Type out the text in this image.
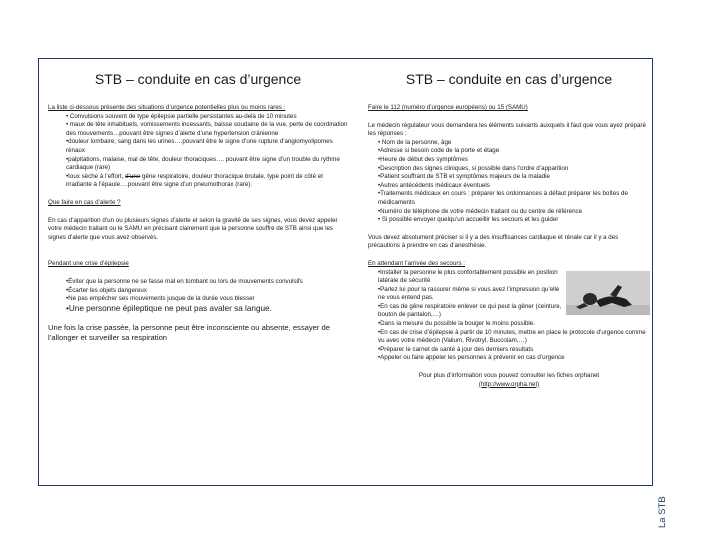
La STB
STB – conduite en cas d’urgence

La liste ci-dessous présente des situations d’urgence potentielles plus ou moins rares :

• Convulsions souvent de type épilepsie partielle persistantes au-delà de 10 minutes
• maux de tête inhabituels, vomissements incessants, baisse soudaine de la vue, perte de coordination des mouvements…pouvant être signes d’alerte d’une hypertension crânienne
•douleur lombaire, sang dans les urines….pouvant être le signe d’une rupture d’angiomyolipomes rénaux
•palpitations, malaise, mal de tête, douleur thoraciques…. pouvant être signe d’un trouble du rythme cardiaque (rare)
•toux sèche à l’effort, d’une gêne respiratoire, douleur thoracique brutale, type point de côté et irradiante à l’épaule….pouvant être signe d’un pneumothorax (rare).

Que faire en cas d’alerte ?

En cas d’apparition d’un ou plusieurs signes d’alerte et selon la gravité de ses signes, vous devez appeler votre médecin traitant ou le SAMU en précisant clairement que la personne souffre de STB ainsi que les signes d’alerte que vous avez observés.

Pendant une crise d’épilepsie

•Éviter que la personne ne se fasse mal en tombant ou lors de mouvements convulsifs
•Écarter les objets dangereux
•Ne pas empêcher ses mouvements jusque de la durée vous blesser
•Une personne épileptique ne peut pas avaler sa langue.

Une fois la crise passée, la personne peut être inconsciente ou absente, essayer de l’allonger et surveiller sa respiration

STB – conduite en cas d’urgence

Faire le 112 (numéro d’urgence européens) ou 15 (SAMU)

Le médecin régulateur vous demandera les éléments suivants auxquels il faut que vous ayez préparé les réponses :

• Nom de la personne, âge
•Adresse si besoin code de la porte et étage
•Heure de début des symptômes
•Description des signes cliniques, si possible dans l’ordre d’apparition
•Patient souffrant de STB et symptômes majeurs de la maladie
•Autres antécédents médicaux éventuels
•Traitements médicaux en cours : préparer les ordonnances à défaut préparer les boîtes de médicaments
•Numéro de téléphone de votre médecin traitant ou du centre de référence
• Si possible envoyer quelqu’un accueillir les secours et les guider

Vous devez absolument préciser si il y a des insuffisances cardiaque et rénale car il y a des précautions à prendre en cas d’anesthésie.

En attendant l’arrivée des secours :

•Installer la personne le plus confortablement possible en position latérale de sécurité
•Parlez lui pour la rassurer même si vous avez l’impression qu’elle ne vous entend pas.
•En cas de gêne respiratoire enlever ce qui peut la gêner (ceinture, bouton de pantalon,…)
•Dans la mesure du possible la bouger le moins possible.
•En cas de crise d’épilepsie à partir de 10 minutes, mettre en place le protocole d’urgence comme vu avec votre médecin (Valium, Rivotryl, Buccolam,…)
•Préparer le carnet de santé à jour des derniers résultats
•Appeler ou faire appeler les personnes à prévenir en cas d’urgence

Pour plus d’information vous pouvez consulter les fiches orphanet

(http://www.orpha.net)
